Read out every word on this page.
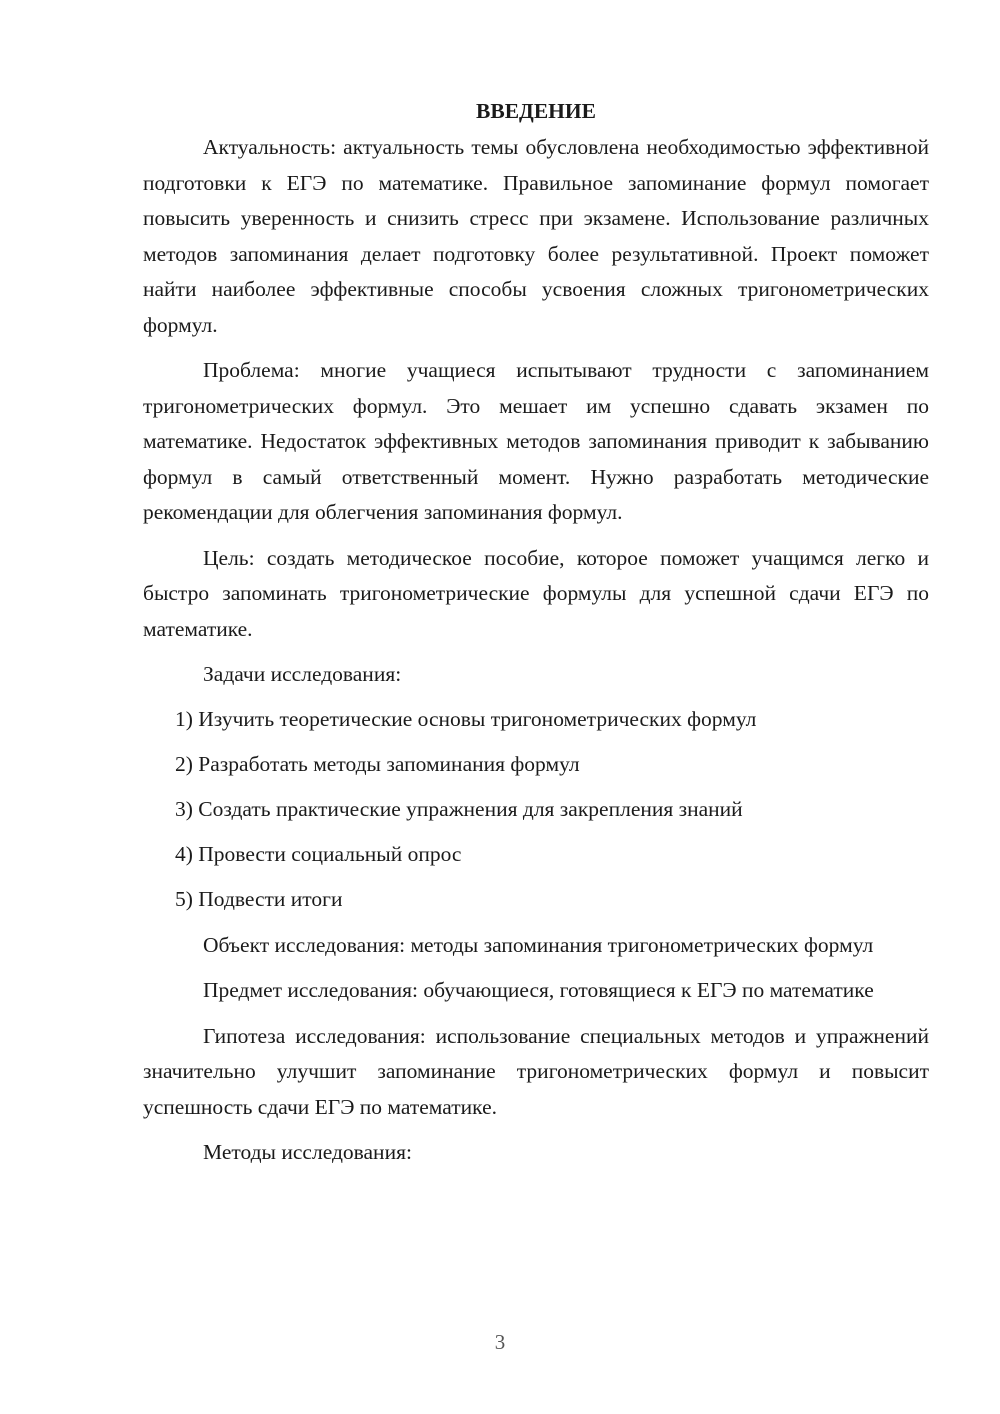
ВВЕДЕНИЕ

Актуальность: актуальность темы обусловлена необходимостью эффективной подготовки к ЕГЭ по математике. Правильное запоминание формул помогает повысить уверенность и снизить стресс при экзамене. Использование различных методов запоминания делает подготовку более результативной. Проект поможет найти наиболее эффективные способы усвоения сложных тригонометрических формул.

Проблема: многие учащиеся испытывают трудности с запоминанием тригонометрических формул. Это мешает им успешно сдавать экзамен по математике. Недостаток эффективных методов запоминания приводит к забыванию формул в самый ответственный момент. Нужно разработать методические рекомендации для облегчения запоминания формул.

Цель: создать методическое пособие, которое поможет учащимся легко и быстро запоминать тригонометрические формулы для успешной сдачи ЕГЭ по математике.

Задачи исследования:

1) Изучить теоретические основы тригонометрических формул

2) Разработать методы запоминания формул

3) Создать практические упражнения для закрепления знаний

4) Провести социальный опрос

5) Подвести итоги

Объект исследования: методы запоминания тригонометрических формул

Предмет исследования: обучающиеся, готовящиеся к ЕГЭ по математике

Гипотеза исследования: использование специальных методов и упражнений значительно улучшит запоминание тригонометрических формул и повысит успешность сдачи ЕГЭ по математике.

Методы исследования:

3
